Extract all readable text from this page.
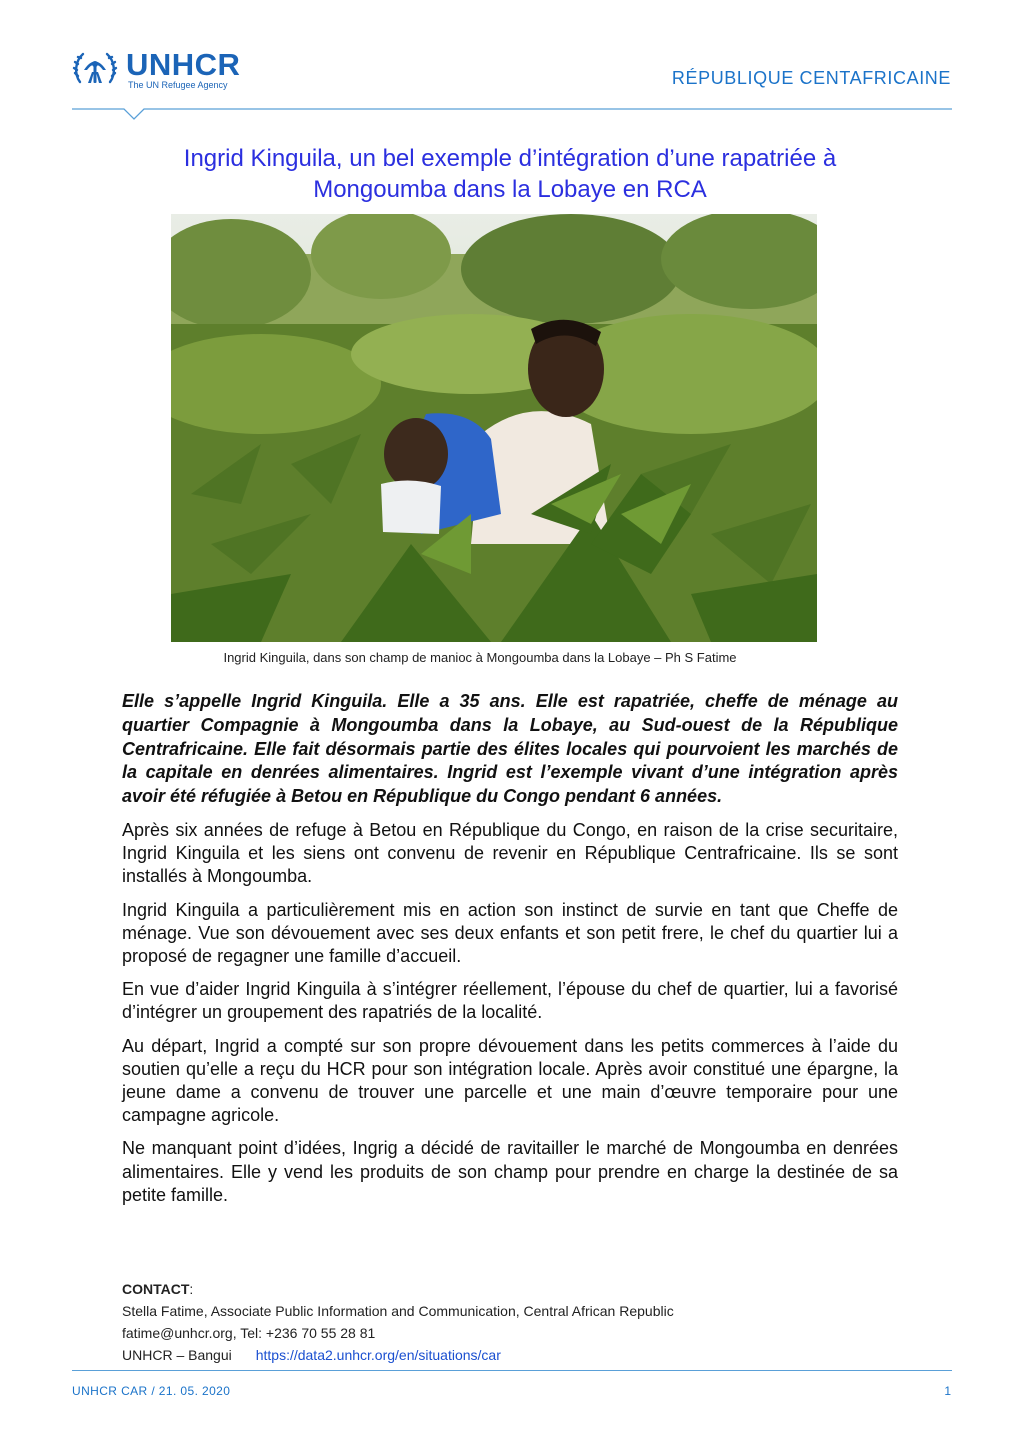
UNHCR
The UN Refugee Agency	RÉPUBLIQUE CENTAFRICAINE
Ingrid Kinguila, un bel exemple d’intégration d’une rapatriée à
Mongoumba dans la Lobaye en RCA
Ingrid Kinguila, dans son champ de manioc à Mongoumba dans la Lobaye – Ph S Fatime

Elle s’appelle Ingrid Kinguila. Elle a 35 ans. Elle est rapatriée, cheffe de ménage au quartier Compagnie à Mongoumba dans la Lobaye, au Sud-ouest de la République Centrafricaine. Elle fait désormais partie des élites locales qui pourvoient les marchés de la capitale en denrées alimentaires. Ingrid est l’exemple vivant d’une intégration après avoir été réfugiée à Betou en République du Congo pendant 6 années.

Après six années de refuge à Betou en République du Congo, en raison de la crise securitaire, Ingrid Kinguila et les siens ont convenu de revenir en République Centrafricaine. Ils se sont installés à Mongoumba.

Ingrid Kinguila a particulièrement mis en action son instinct de survie en tant que Cheffe de ménage. Vue son dévouement avec ses deux enfants et son petit frere, le chef du quartier lui a proposé de regagner une famille d’accueil.

En vue d’aider Ingrid Kinguila à s’intégrer réellement, l’épouse du chef de quartier, lui a favorisé d’intégrer un groupement des rapatriés de la localité.

Au départ, Ingrid a compté sur son propre dévouement dans les petits commerces à l’aide du soutien qu’elle a reçu du HCR pour son intégration locale. Après avoir constitué une épargne, la jeune dame a convenu de trouver une parcelle et une main d’œuvre temporaire pour une campagne agricole.

Ne manquant point d’idées, Ingrig a décidé de ravitailler le marché de Mongoumba en denrées alimentaires. Elle y vend les produits de son champ pour prendre en charge la destinée de sa petite famille.

CONTACT:
Stella Fatime, Associate Public Information and Communication, Central African Republic
fatime@unhcr.org, Tel: +236 70 55 28 81
UNHCR – Bangui https://data2.unhcr.org/en/situations/car
UNHCR CAR / 21. 05. 2020	1
